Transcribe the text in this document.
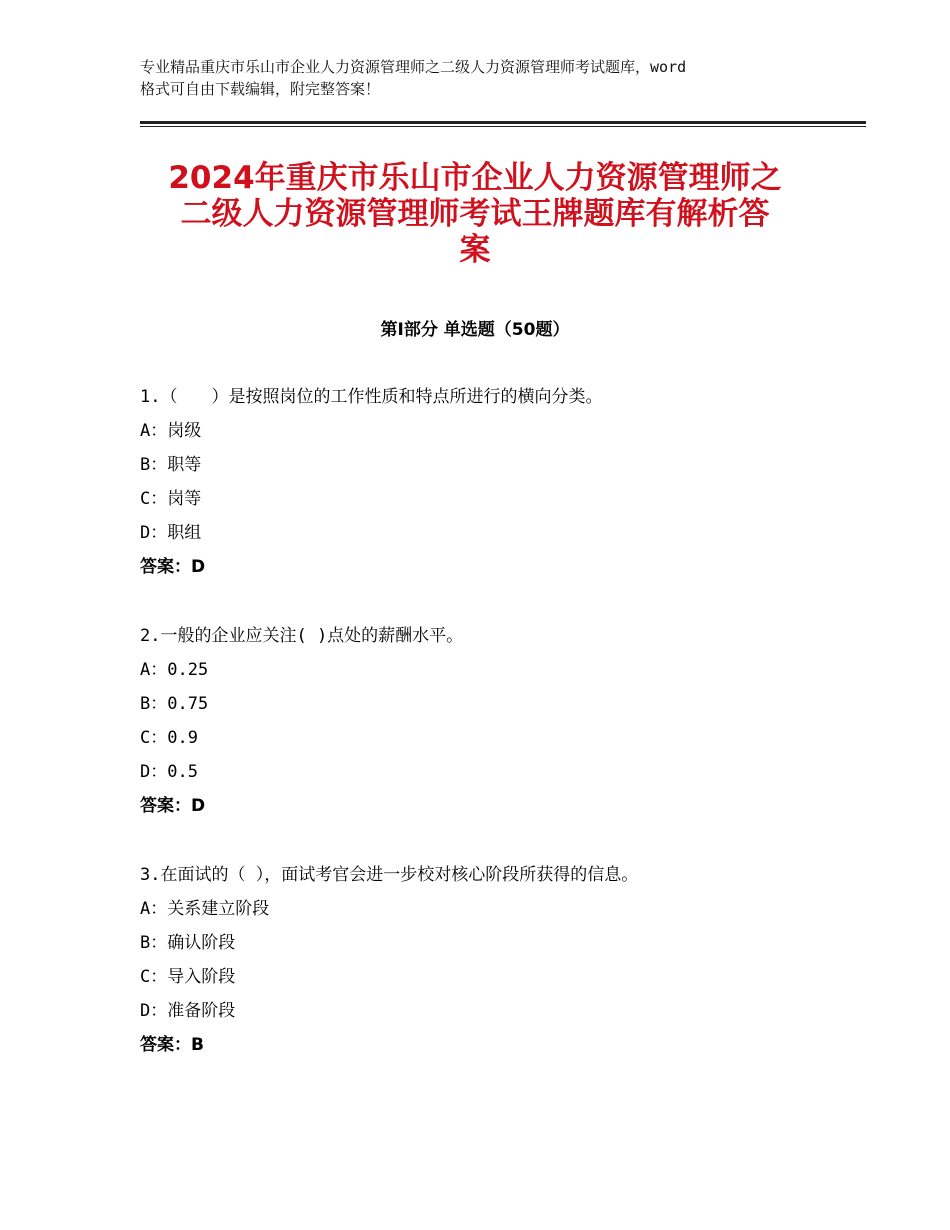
专业精品重庆市乐山市企业人力资源管理师之二级人力资源管理师考试题库，word
格式可自由下载编辑，附完整答案！
2024年重庆市乐山市企业人力资源管理师之
二级人力资源管理师考试王牌题库有解析答
案
第Ⅰ部分 单选题（50题）
1.（　　）是按照岗位的工作性质和特点所进行的横向分类。
A：岗级
B：职等
C：岗等
D：职组
答案：D
2.一般的企业应关注( )点处的薪酬水平。
A：0.25
B：0.75
C：0.9
D：0.5
答案：D
3.在面试的（ ），面试考官会进一步校对核心阶段所获得的信息。
A：关系建立阶段
B：确认阶段
C：导入阶段
D：准备阶段
答案：B
